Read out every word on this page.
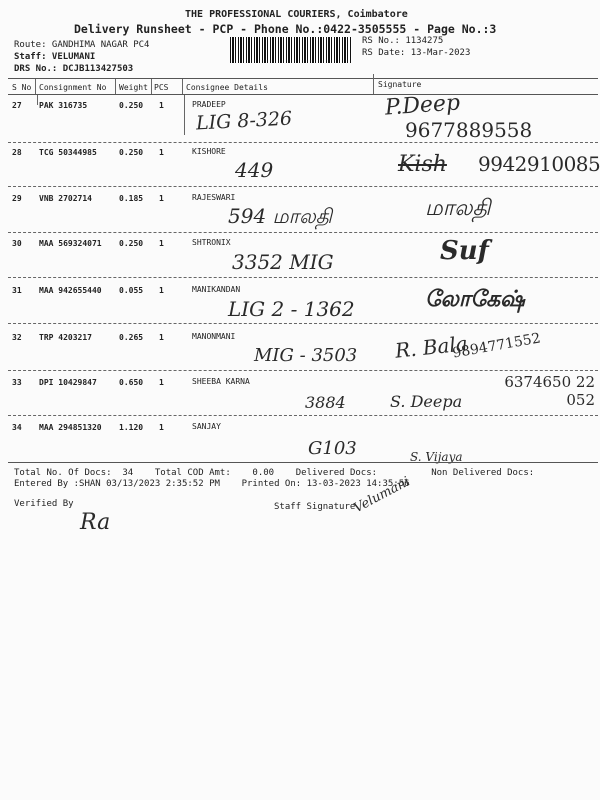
THE PROFESSIONAL COURIERS, Coimbatore
Delivery Runsheet - PCP - Phone No.:0422-3505555 - Page No.:3
Route: GANDHIMA NAGAR PC4
Staff: VELUMANI
DRS No.: DCJB113427503
RS No.: 1134275
RS Date: 13-Mar-2023
S No Consignment No Weight PCS Consignee Details	Signature
27 PAK 316735	0.250 1	PRADEEP
LIG 8-326
P.Deep
9677889558
28 TCG 50344985	0.250 1	KISHORE
449	Kish 9942910085
29 VNB 2702714	0.185 1	RAJESWARI
594 மாலதி	மாலதி
30 MAA 569324071 0.250 1	SHTRONIX
3352 MIG	Suf
31 MAA 942655440 0.055 1	MANIKANDAN
LIG 2 - 1362	லோகேஷ்
32 TRP 4203217	0.265 1	MANONMANI
MIG - 3503 R. Bala
9894771552
33 DPI 10429847	0.650 1	SHEEBA KARNA
3884	S. Deepa
6374650 22 052
34 MAA 294851320 1.120 1	SANJAY
G103	S. Vijaya
Total No. Of Docs:  34    Total COD Amt:    0.00    Delivered Docs:          Non Delivered Docs:
Entered By :SHAN 03/13/2023 2:35:52 PM    Printed On: 13-03-2023 14:35:56
Verified By	Staff Signature
Ra
Velumani
